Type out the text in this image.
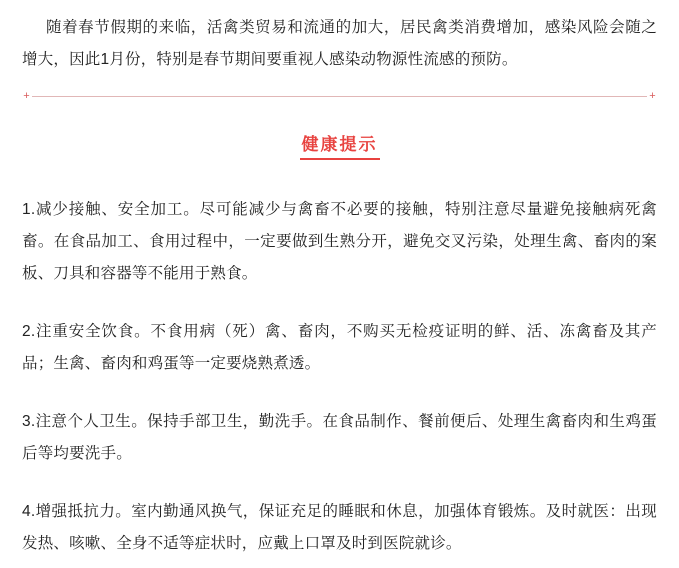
随着春节假期的来临，活禽类贸易和流通的加大，居民禽类消费增加，感染风险会随之增大，因此1月份，特别是春节期间要重视人感染动物源性流感的预防。

+	+
健康提示

1.减少接触、安全加工。尽可能减少与禽畜不必要的接触，特别注意尽量避免接触病死禽畜。在食品加工、食用过程中，一定要做到生熟分开，避免交叉污染，处理生禽、畜肉的案板、刀具和容器等不能用于熟食。

2.注重安全饮食。不食用病（死）禽、畜肉，不购买无检疫证明的鲜、活、冻禽畜及其产品；生禽、畜肉和鸡蛋等一定要烧熟煮透。

3.注意个人卫生。保持手部卫生，勤洗手。在食品制作、餐前便后、处理生禽畜肉和生鸡蛋后等均要洗手。

4.增强抵抗力。室内勤通风换气，保证充足的睡眠和休息，加强体育锻炼。及时就医：出现发热、咳嗽、全身不适等症状时，应戴上口罩及时到医院就诊。
